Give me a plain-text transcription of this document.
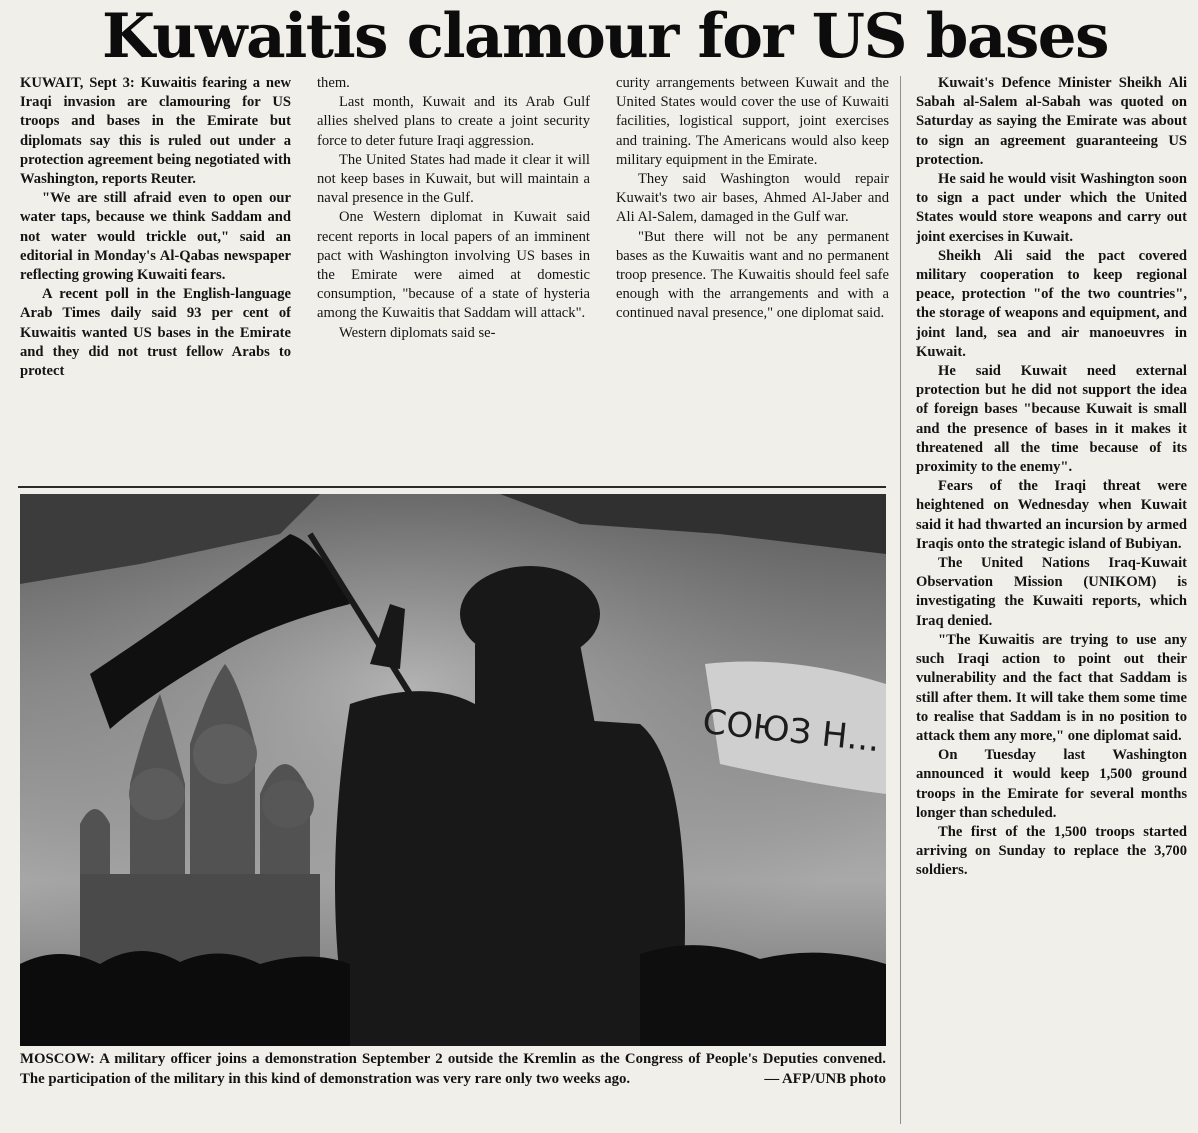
Kuwaitis clamour for US bases

KUWAIT, Sept 3: Kuwaitis fearing a new Iraqi invasion are clamouring for US troops and bases in the Emirate but diplomats say this is ruled out under a protection agreement being negotiated with Washington, reports Reuter.

"We are still afraid even to open our water taps, because we think Saddam and not water would trickle out," said an editorial in Monday's Al-Qabas newspaper reflecting growing Kuwaiti fears.

A recent poll in the English-language Arab Times daily said 93 per cent of Kuwaitis wanted US bases in the Emirate and they did not trust fellow Arabs to protect

them.

Last month, Kuwait and its Arab Gulf allies shelved plans to create a joint security force to deter future Iraqi aggression.

The United States had made it clear it will not keep bases in Kuwait, but will maintain a naval presence in the Gulf.

One Western diplomat in Kuwait said recent reports in local papers of an imminent pact with Washington involving US bases in the Emirate were aimed at domestic consumption, "because of a state of hysteria among the Kuwaitis that Saddam will attack".

Western diplomats said se-

curity arrangements between Kuwait and the United States would cover the use of Kuwaiti facilities, logistical support, joint exercises and training. The Americans would also keep military equipment in the Emirate.

They said Washington would repair Kuwait's two air bases, Ahmed Al-Jaber and Ali Al-Salem, damaged in the Gulf war.

"But there will not be any permanent bases as the Kuwaitis want and no permanent troop presence. The Kuwaitis should feel safe enough with the arrangements and with a continued naval presence," one diplomat said.

Kuwait's Defence Minister Sheikh Ali Sabah al-Salem al-Sabah was quoted on Saturday as saying the Emirate was about to sign an agreement guaranteeing US protection.

He said he would visit Washington soon to sign a pact under which the United States would store weapons and carry out joint exercises in Kuwait.

Sheikh Ali said the pact covered military cooperation to keep regional peace, protection "of the two countries", the storage of weapons and equipment, and joint land, sea and air manoeuvres in Kuwait.

He said Kuwait need external protection but he did not support the idea of foreign bases "because Kuwait is small and the presence of bases in it makes it threatened all the time because of its proximity to the enemy".

Fears of the Iraqi threat were heightened on Wednesday when Kuwait said it had thwarted an incursion by armed Iraqis onto the strategic island of Bubiyan.

The United Nations Iraq-Kuwait Observation Mission (UNIKOM) is investigating the Kuwaiti reports, which Iraq denied.

"The Kuwaitis are trying to use any such Iraqi action to point out their vulnerability and the fact that Saddam is still after them. It will take them some time to realise that Saddam is in no position to attack them any more," one diplomat said.

On Tuesday last Washington announced it would keep 1,500 ground troops in the Emirate for several months longer than scheduled.

The first of the 1,500 troops started arriving on Sunday to replace the 3,700 soldiers.

СОЮЗ Н...
MOSCOW: A military officer joins a demonstration September 2 outside the Kremlin as the Congress of People's Deputies convened. The participation of the military in this kind of demonstration was very rare only two weeks ago.	— AFP/UNB photo
